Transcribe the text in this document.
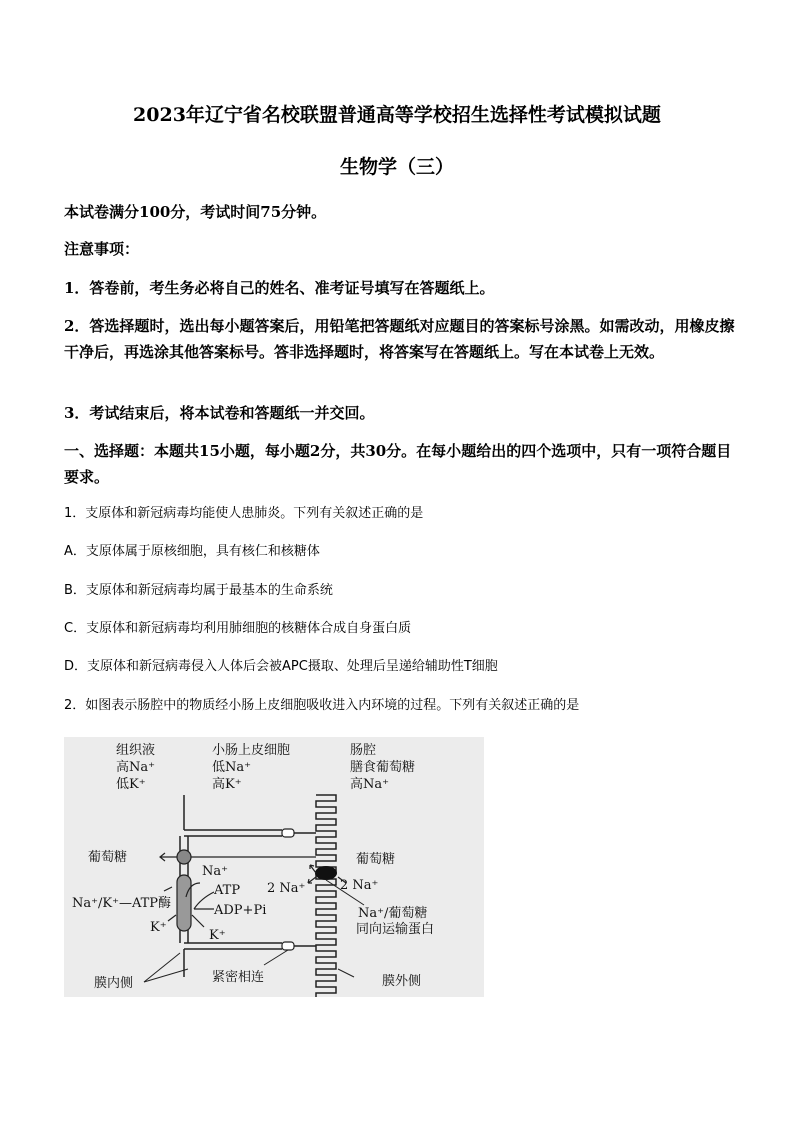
2023年辽宁省名校联盟普通高等学校招生选择性考试模拟试题
生物学（三）
本试卷满分100分，考试时间75分钟。
注意事项：
1．答卷前，考生务必将自己的姓名、准考证号填写在答题纸上。
2．答选择题时，选出每小题答案后，用铅笔把答题纸对应题目的答案标号涂黑。如需改动，用橡皮擦干净后，再选涂其他答案标号。答非选择题时，将答案写在答题纸上。写在本试卷上无效。
3．考试结束后，将本试卷和答题纸一并交回。
一、选择题：本题共15小题，每小题2分，共30分。在每小题给出的四个选项中，只有一项符合题目要求。
1．支原体和新冠病毒均能使人患肺炎。下列有关叙述正确的是
A．支原体属于原核细胞，具有核仁和核糖体
B．支原体和新冠病毒均属于最基本的生命系统
C．支原体和新冠病毒均利用肺细胞的核糖体合成自身蛋白质
D．支原体和新冠病毒侵入人体后会被APC摄取、处理后呈递给辅助性T细胞
2．如图表示肠腔中的物质经小肠上皮细胞吸收进入内环境的过程。下列有关叙述正确的是
组织液
高Na⁺
低K⁺
小肠上皮细胞
低Na⁺
高K⁺
肠腔
膳食葡萄糖
高Na⁺
葡萄糖
Na⁺
ATP
ADP+Pi
Na⁺/K⁺—ATP酶
K⁺
K⁺
葡萄糖
2 Na⁺	2 Na⁺
Na⁺/葡萄糖
同向运输蛋白
膜内侧	紧密相连	膜外侧
